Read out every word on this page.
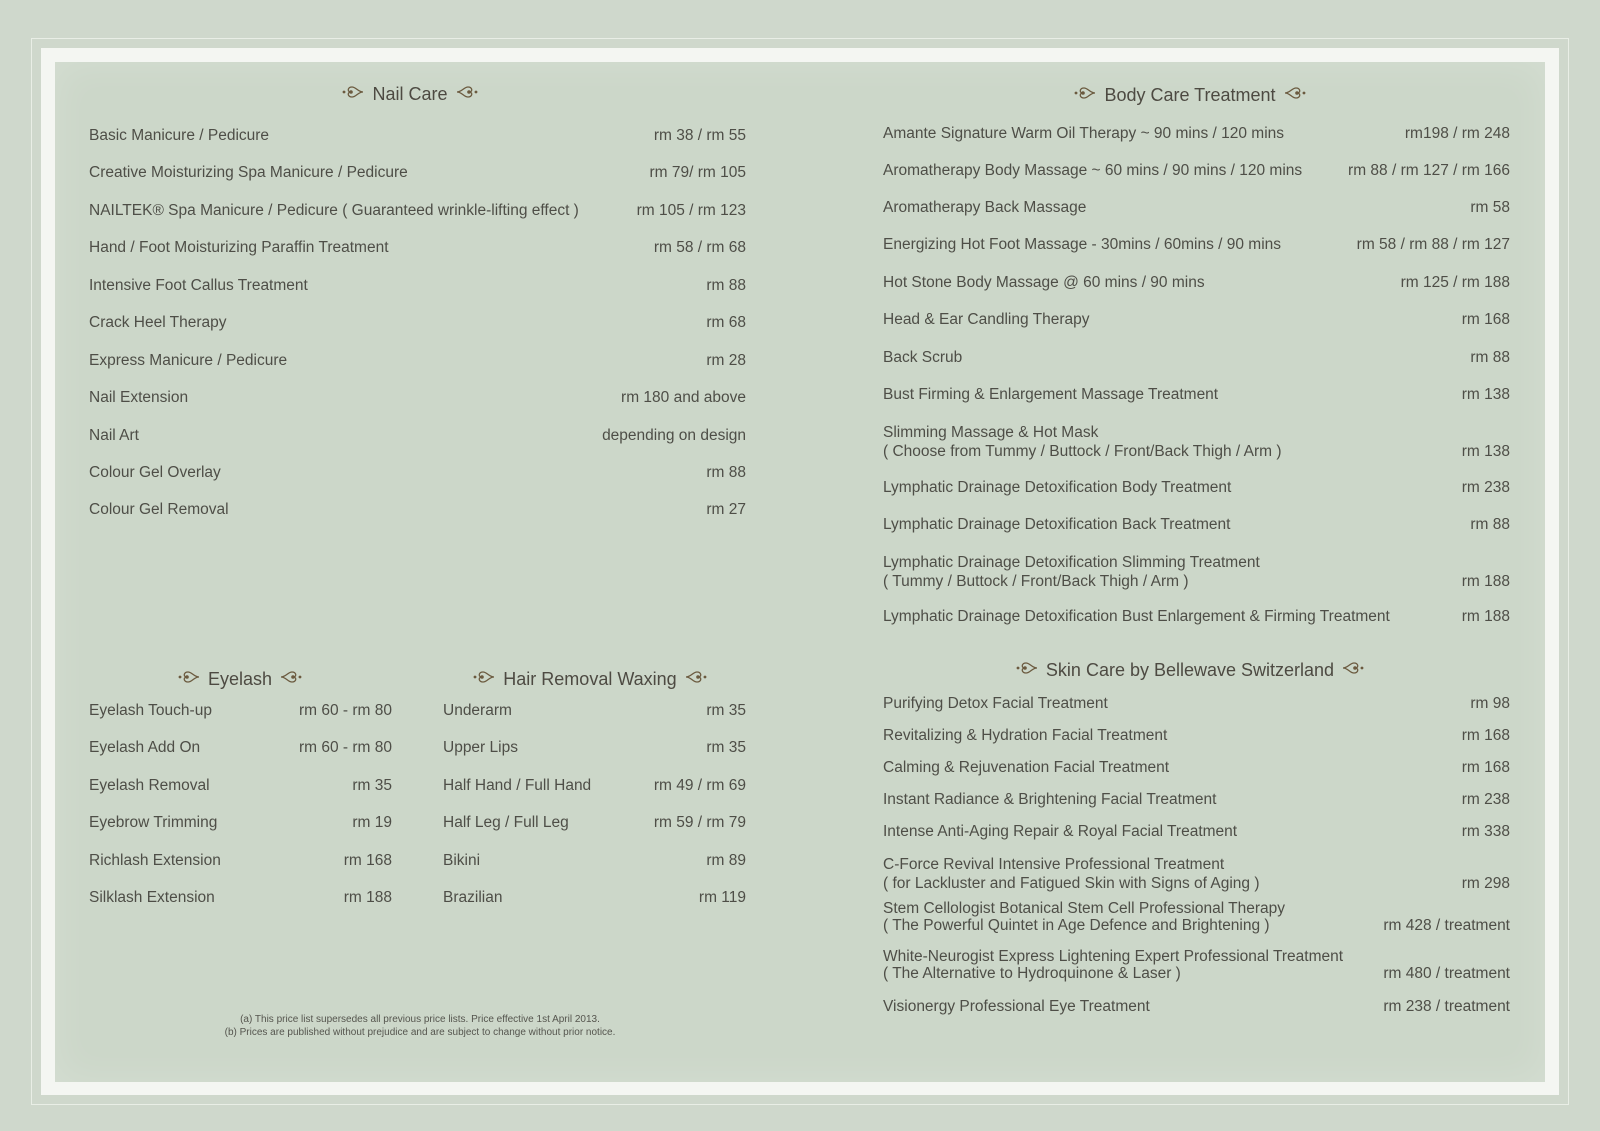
Nail Care
Basic Manicure / Pedicure	rm 38 / rm 55
Creative Moisturizing Spa Manicure / Pedicure	rm 79/ rm 105
NAILTEK® Spa Manicure / Pedicure ( Guaranteed wrinkle-lifting effect )	rm 105 / rm 123
Hand / Foot Moisturizing Paraffin Treatment	rm 58 / rm 68
Intensive Foot Callus Treatment	rm 88
Crack Heel Therapy	rm 68
Express Manicure / Pedicure	rm 28
Nail Extension	rm 180 and above
Nail Art	depending on design
Colour Gel Overlay	rm 88
Colour Gel Removal	rm 27
Eyelash
Eyelash Touch-up	rm 60 - rm 80
Eyelash Add On	rm 60 - rm 80
Eyelash Removal	rm 35
Eyebrow Trimming	rm 19
Richlash Extension	rm 168
Silklash Extension	rm 188
Hair Removal Waxing
Underarm	rm 35
Upper Lips	rm 35
Half Hand / Full Hand	rm 49 / rm 69
Half Leg / Full Leg	rm 59 / rm 79
Bikini	rm 89
Brazilian	rm 119
Body Care Treatment
Amante Signature Warm Oil Therapy ~ 90 mins / 120 mins	rm198 / rm 248
Aromatherapy Body Massage ~ 60 mins / 90 mins / 120 mins	rm 88 / rm 127 / rm 166
Aromatherapy Back Massage	rm 58
Energizing Hot Foot Massage - 30mins / 60mins / 90 mins	rm 58 / rm 88 / rm 127
Hot Stone Body Massage @ 60 mins / 90 mins	rm 125 / rm 188
Head & Ear Candling Therapy	rm 168
Back Scrub	rm 88
Bust Firming & Enlargement Massage Treatment	rm 138
Slimming Massage & Hot Mask
( Choose from Tummy / Buttock / Front/Back Thigh / Arm )	rm 138
Lymphatic Drainage Detoxification Body Treatment	rm 238
Lymphatic Drainage Detoxification Back Treatment	rm 88
Lymphatic Drainage Detoxification Slimming Treatment
( Tummy / Buttock / Front/Back Thigh / Arm )	rm 188
Lymphatic Drainage Detoxification Bust Enlargement & Firming Treatment	rm 188
Skin Care by Bellewave Switzerland
Purifying Detox Facial Treatment	rm 98
Revitalizing & Hydration Facial Treatment	rm 168
Calming & Rejuvenation Facial Treatment	rm 168
Instant Radiance & Brightening Facial Treatment	rm 238
Intense Anti-Aging Repair & Royal Facial Treatment	rm 338
C-Force Revival Intensive Professional Treatment
( for Lackluster and Fatigued Skin with Signs of Aging )	rm 298
Stem Cellologist Botanical Stem Cell Professional Therapy
( The Powerful Quintet in Age Defence and Brightening )	rm 428 / treatment
White-Neurogist Express Lightening Expert Professional Treatment
( The Alternative to Hydroquinone & Laser )	rm 480 / treatment
Visionergy Professional Eye Treatment	rm 238 / treatment
(a) This price list supersedes all previous price lists. Price effective 1st April 2013.
(b) Prices are published without prejudice and are subject to change without prior notice.
